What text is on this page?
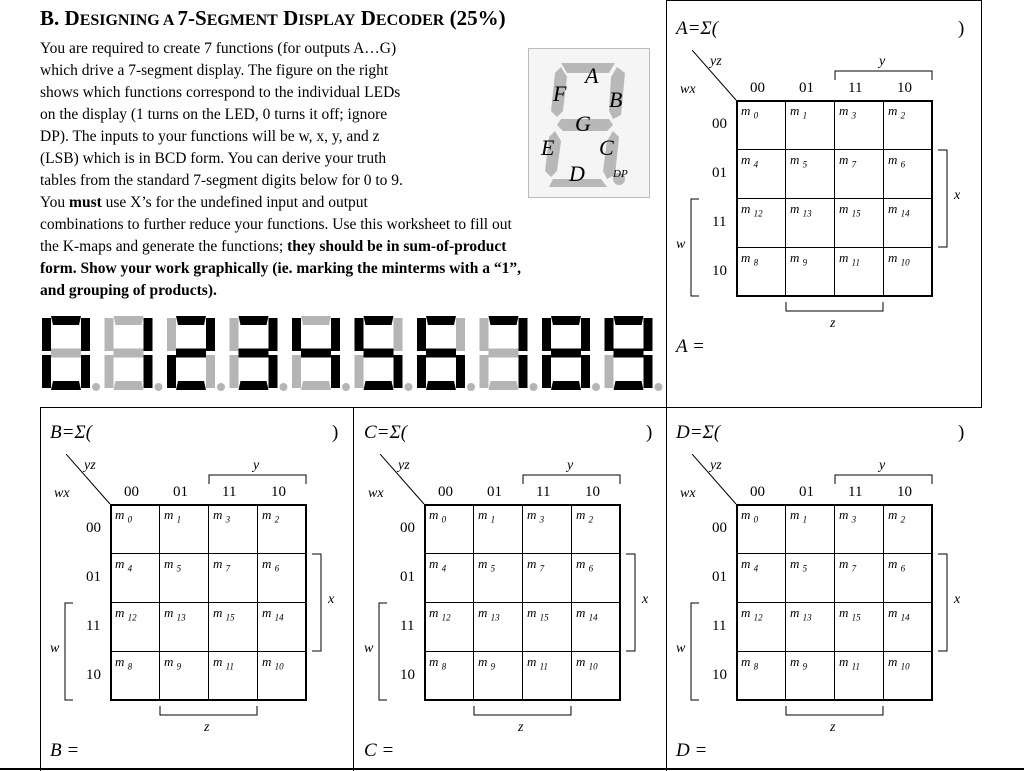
B. DESIGNING A 7-SEGMENT DISPLAY DECODER (25%)
You are required to create 7 functions (for outputs A…G)
which drive a 7-segment display. The figure on the right
shows which functions correspond to the individual LEDs
on the display (1 turns on the LED, 0 turns it off; ignore
DP). The inputs to your functions will be w, x, y, and z
(LSB) which is in BCD form. You can derive your truth
tables from the standard 7-segment digits below for 0 to 9.
You must use X’s for the undefined input and output
combinations to further reduce your functions. Use this worksheet to fill out
the K-maps and generate the functions; they should be in sum-of-product
form. Show your work graphically (ie. marking the minterms with a “1”,
and grouping of products).
A
B
C
D
E
F
G
DP
A=Σ(	)
yz
wx	00 01 11 10
00
01
11
10
y
z
x
w
m $_0$ m $_1$ m $_3$ m $_2$
m $_4$ m $_5$ m $_7$ m $_6$
m $_{12}$ m $_{13}$ m $_{15}$ m $_{14}$
m $_8$ m $_9$ m $_{11}$ m $_{10}$
A =
B=Σ(	)
yz
wx	00 01 11 10
00
01
11
10
y
z
x
w
m $_0$ m $_1$ m $_3$ m $_2$
m $_4$ m $_5$ m $_7$ m $_6$
m $_{12}$ m $_{13}$ m $_{15}$ m $_{14}$
m $_8$ m $_9$ m $_{11}$ m $_{10}$
B =
C=Σ(	)
yz
wx	00 01 11 10
00
01
11
10
y
z
x
w
m $_0$ m $_1$ m $_3$ m $_2$
m $_4$ m $_5$ m $_7$ m $_6$
m $_{12}$ m $_{13}$ m $_{15}$ m $_{14}$
m $_8$ m $_9$ m $_{11}$ m $_{10}$
C =
D=Σ(	)
yz
wx	00 01 11 10
00
01
11
10
y
z
x
w
m $_0$ m $_1$ m $_3$ m $_2$
m $_4$ m $_5$ m $_7$ m $_6$
m $_{12}$ m $_{13}$ m $_{15}$ m $_{14}$
m $_8$ m $_9$ m $_{11}$ m $_{10}$
D =
